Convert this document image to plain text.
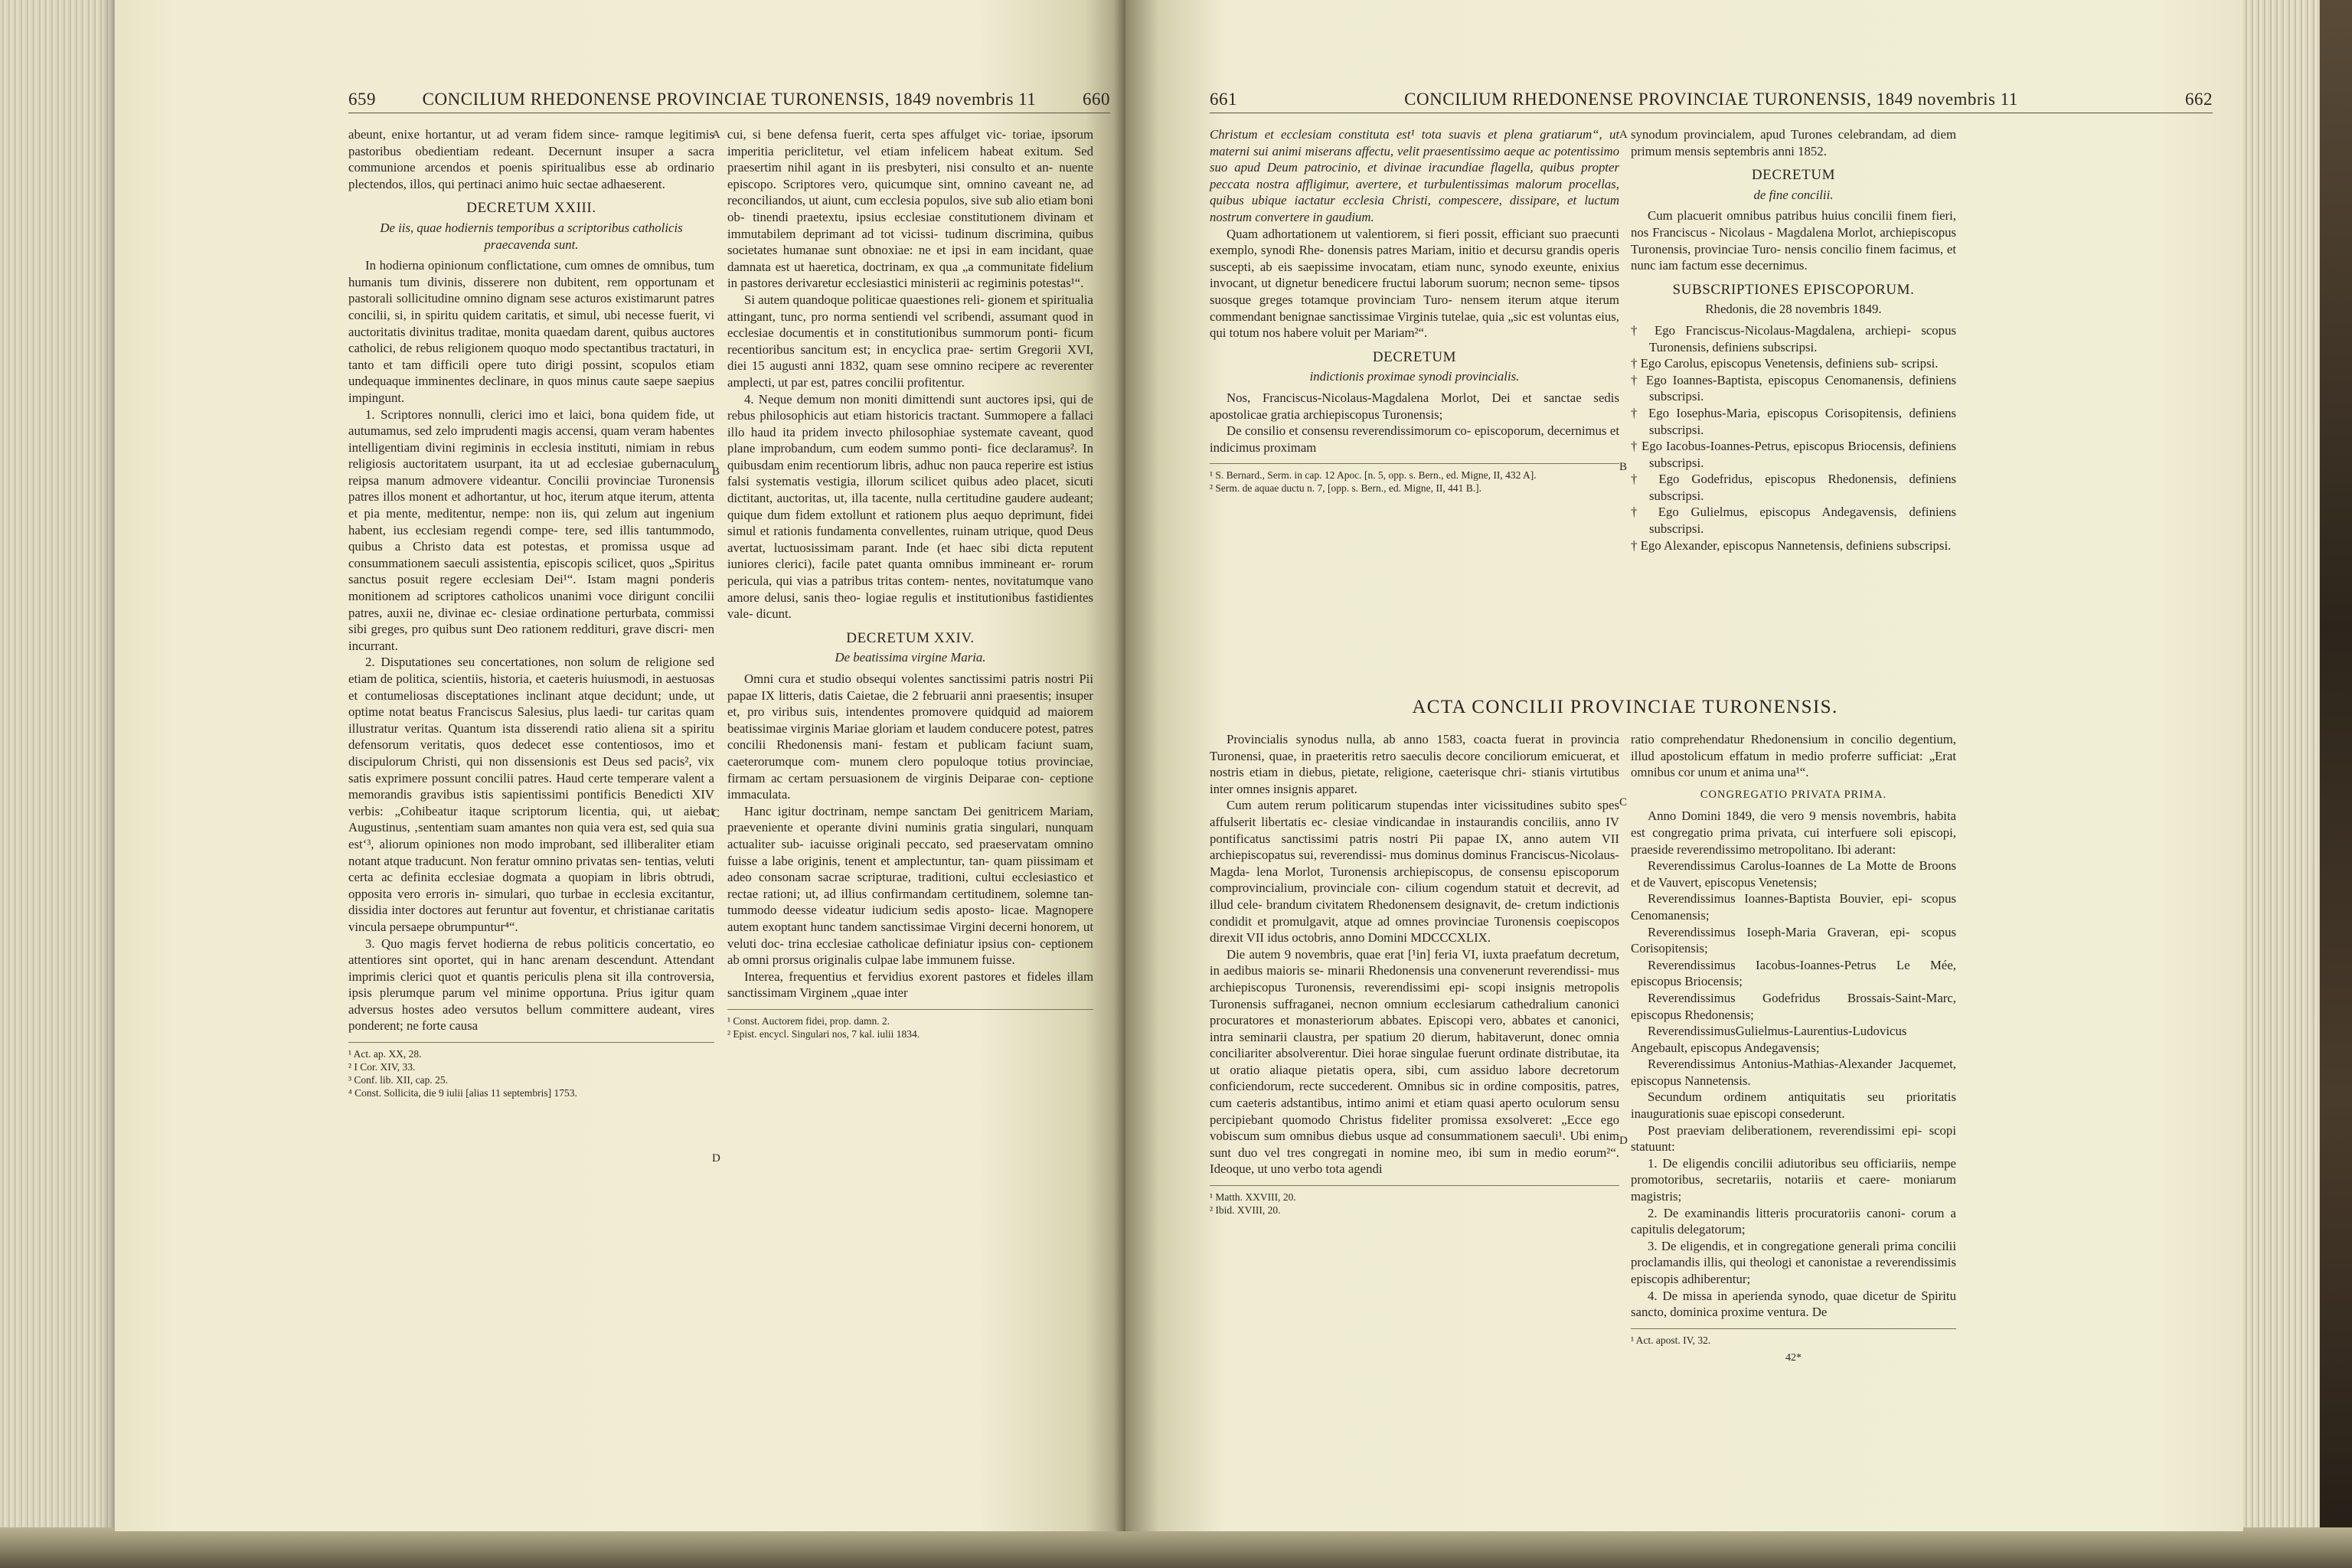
659	CONCILIUM RHEDONENSE PROVINCIAE TURONENSIS, 1849 novembris 11	660

abeunt, enixe hortantur, ut ad veram fidem since- ramque legitimis pastoribus obedientiam redeant. Decernunt insuper a sacra communione arcendos et poenis spiritualibus esse ab ordinario plectendos, illos, qui pertinaci animo huic sectae adhaeserent.

DECRETUM XXIII.
De iis, quae hodiernis temporibus a scriptoribus catholicis praecavenda sunt.

In hodierna opinionum conflictatione, cum omnes de omnibus, tum humanis tum divinis, disserere non dubitent, rem opportunam et pastorali sollicitudine omnino dignam sese acturos existimarunt patres concilii, si, in spiritu quidem caritatis, et simul, ubi necesse fuerit, vi auctoritatis divinitus traditae, monita quaedam darent, quibus auctores catholici, de rebus religionem quoquo modo spectantibus tractaturi, in tanto et tam difficili opere tuto dirigi possint, scopulos etiam undequaque imminentes declinare, in quos minus caute saepe saepius impingunt.

1. Scriptores nonnulli, clerici imo et laici, bona quidem fide, ut autumamus, sed zelo imprudenti magis accensi, quam veram habentes intelligentiam divini regiminis in ecclesia instituti, nimiam in rebus religiosis auctoritatem usurpant, ita ut ad ecclesiae gubernaculum reipsa manum admovere videantur. Concilii provinciae Turonensis patres illos monent et adhortantur, ut hoc, iterum atque iterum, attenta et pia mente, meditentur, nempe: non iis, qui zelum aut ingenium habent, ius ecclesiam regendi compe- tere, sed illis tantummodo, quibus a Christo data est potestas, et promissa usque ad consummationem saeculi assistentia, episcopis scilicet, quos „Spiritus sanctus posuit regere ecclesiam Dei¹“. Istam magni ponderis monitionem ad scriptores catholicos unanimi voce dirigunt concilii patres, auxii ne, divinae ec- clesiae ordinatione perturbata, commissi sibi greges, pro quibus sunt Deo rationem reddituri, grave discri- men incurrant.

2. Disputationes seu concertationes, non solum de religione sed etiam de politica, scientiis, historia, et caeteris huiusmodi, in aestuosas et contumeliosas disceptationes inclinant atque decidunt; unde, ut optime notat beatus Franciscus Salesius, plus laedi- tur caritas quam illustratur veritas. Quantum ista disserendi ratio aliena sit a spiritu defensorum veritatis, quos dedecet esse contentiosos, imo et discipulorum Christi, qui non dissensionis est Deus sed pacis², vix satis exprimere possunt concilii patres. Haud certe temperare valent a memorandis gravibus istis sapientissimi pontificis Benedicti XIV verbis: „Cohibeatur itaque scriptorum licentia, qui, ut aiebat Augustinus, ‚sententiam suam amantes non quia vera est, sed quia sua est‘³, aliorum opiniones non modo improbant, sed illiberaliter etiam notant atque traducunt. Non feratur omnino privatas sen- tentias, veluti certa ac definita ecclesiae dogmata a quopiam in libris obtrudi, opposita vero erroris in- simulari, quo turbae in ecclesia excitantur, dissidia inter doctores aut feruntur aut foventur, et christianae caritatis vincula persaepe obrumpuntur⁴“.

3. Quo magis fervet hodierna de rebus politicis concertatio, eo attentiores sint oportet, qui in hanc arenam descendunt. Attendant imprimis clerici quot et quantis periculis plena sit illa controversia, ipsis plerumque parum vel minime opportuna. Prius igitur quam adversus hostes adeo versutos bellum committere audeant, vires ponderent; ne forte causa

¹ Act. ap. XX, 28.
² I Cor. XIV, 33.
³ Conf. lib. XII, cap. 25.
⁴ Const. Sollicita, die 9 iulii [alias 11 septembris] 1753.
A
B
C
D

cui, si bene defensa fuerit, certa spes affulget vic- toriae, ipsorum imperitia periclitetur, vel etiam infelicem habeat exitum. Sed praesertim nihil agant in iis presbyteri, nisi consulto et an- nuente episcopo. Scriptores vero, quicumque sint, omnino caveant ne, ad reconciliandos, ut aiunt, cum ecclesia populos, sive sub alio etiam boni ob- tinendi praetextu, ipsius ecclesiae constitutionem divinam et immutabilem deprimant ad tot vicissi- tudinum discrimina, quibus societates humanae sunt obnoxiae: ne et ipsi in eam incidant, quae damnata est ut haeretica, doctrinam, ex qua „a communitate fidelium in pastores derivaretur ecclesiastici ministerii ac regiminis potestas¹“.

Si autem quandoque politicae quaestiones reli- gionem et spiritualia attingant, tunc, pro norma sentiendi vel scribendi, assumant quod in ecclesiae documentis et in constitutionibus summorum ponti- ficum recentioribus sancitum est; in encyclica prae- sertim Gregorii XVI, diei 15 augusti anni 1832, quam sese omnino recipere ac reverenter amplecti, ut par est, patres concilii profitentur.

4. Neque demum non moniti dimittendi sunt auctores ipsi, qui de rebus philosophicis aut etiam historicis tractant. Summopere a fallaci illo haud ita pridem invecto philosophiae systemate caveant, quod plane improbandum, cum eodem summo ponti- fice declaramus². In quibusdam enim recentiorum libris, adhuc non pauca reperire est istius falsi systematis vestigia, illorum scilicet quibus adeo placet, sicuti dictitant, auctoritas, ut, illa tacente, nulla certitudine gaudere audeant; quique dum fidem extollunt et rationem plus aequo deprimunt, fidei simul et rationis fundamenta convellentes, ruinam utrique, quod Deus avertat, luctuosissimam parant. Inde (et haec sibi dicta reputent iuniores clerici), facile patet quanta omnibus immineant er- rorum pericula, qui vias a patribus tritas contem- nentes, novitatumque vano amore delusi, sanis theo- logiae regulis et institutionibus fastidientes vale- dicunt.

DECRETUM XXIV.
De beatissima virgine Maria.

Omni cura et studio obsequi volentes sanctissimi patris nostri Pii papae IX litteris, datis Caietae, die 2 februarii anni praesentis; insuper et, pro viribus suis, intendentes promovere quidquid ad maiorem beatissimae virginis Mariae gloriam et laudem conducere potest, patres concilii Rhedonensis mani- festam et publicam faciunt suam, caeterorumque com- munem clero populoque totius provinciae, firmam ac certam persuasionem de virginis Deiparae con- ceptione immaculata.

Hanc igitur doctrinam, nempe sanctam Dei genitricem Mariam, praeveniente et operante divini numinis gratia singulari, nunquam actualiter sub- iacuisse originali peccato, sed praeservatam omnino fuisse a labe originis, tenent et amplectuntur, tan- quam piissimam et adeo consonam sacrae scripturae, traditioni, cultui ecclesiastico et rectae rationi; ut, ad illius confirmandam certitudinem, solemne tan- tummodo deesse videatur iudicium sedis aposto- licae. Magnopere autem exoptant hunc tandem sanctissimae Virgini decerni honorem, ut veluti doc- trina ecclesiae catholicae definiatur ipsius con- ceptionem ab omni prorsus originalis culpae labe immunem fuisse.

Interea, frequentius et fervidius exorent pastores et fideles illam sanctissimam Virginem „quae inter

¹ Const. Auctorem fidei, prop. damn. 2.
² Epist. encycl. Singulari nos, 7 kal. iulii 1834.
661	CONCILIUM RHEDONENSE PROVINCIAE TURONENSIS, 1849 novembris 11	662

Christum et ecclesiam constituta est¹ tota suavis et plena gratiarum“, ut materni sui animi miserans affectu, velit praesentissimo aeque ac potentissimo suo apud Deum patrocinio, et divinae iracundiae flagella, quibus propter peccata nostra affligimur, avertere, et turbulentissimas malorum procellas, quibus ubique iactatur ecclesia Christi, compescere, dissipare, et luctum nostrum convertere in gaudium.

Quam adhortationem ut valentiorem, si fieri possit, efficiant suo praecunti exemplo, synodi Rhe- donensis patres Mariam, initio et decursu grandis operis suscepti, ab eis saepissime invocatam, etiam nunc, synodo exeunte, enixius invocant, ut dignetur benedicere fructui laborum suorum; necnon seme- tipsos suosque greges totamque provinciam Turo- nensem iterum atque iterum commendant benignae sanctissimae Virginis tutelae, quia „sic est voluntas eius, qui totum nos habere voluit per Mariam²“.

DECRETUM
indictionis proximae synodi provincialis.

Nos, Franciscus-Nicolaus-Magdalena Morlot, Dei et sanctae sedis apostolicae gratia archiepiscopus Turonensis;

De consilio et consensu reverendissimorum co- episcoporum, decernimus et indicimus proximam

¹ S. Bernard., Serm. in cap. 12 Apoc. [n. 5, opp. s. Bern., ed. Migne, II, 432 A].
² Serm. de aquae ductu n. 7, [opp. s. Bern., ed. Migne, II, 441 B.].
A
B
C
D

synodum provincialem, apud Turones celebrandam, ad diem primum mensis septembris anni 1852.

DECRETUM
de fine concilii.

Cum placuerit omnibus patribus huius concilii finem fieri, nos Franciscus - Nicolaus - Magdalena Morlot, archiepiscopus Turonensis, provinciae Turo- nensis concilio finem facimus, et nunc iam factum esse decernimus.

SUBSCRIPTIONES EPISCOPORUM.
Rhedonis, die 28 novembris 1849.

† Ego Franciscus-Nicolaus-Magdalena, archiepi- scopus Turonensis, definiens subscripsi.

† Ego Carolus, episcopus Venetensis, definiens sub- scripsi.

† Ego Ioannes-Baptista, episcopus Cenomanensis, definiens subscripsi.

† Ego Iosephus-Maria, episcopus Corisopitensis, definiens subscripsi.

† Ego Iacobus-Ioannes-Petrus, episcopus Briocensis, definiens subscripsi.

† Ego Godefridus, episcopus Rhedonensis, definiens subscripsi.

† Ego Gulielmus, episcopus Andegavensis, definiens subscripsi.

† Ego Alexander, episcopus Nannetensis, definiens subscripsi.

ACTA CONCILII PROVINCIAE TURONENSIS.

Provincialis synodus nulla, ab anno 1583, coacta fuerat in provincia Turonensi, quae, in praeteritis retro saeculis decore conciliorum emicuerat, et nostris etiam in diebus, pietate, religione, caeterisque chri- stianis virtutibus inter omnes insignis apparet.

Cum autem rerum politicarum stupendas inter vicissitudines subito spes affulserit libertatis ec- clesiae vindicandae in instaurandis conciliis, anno IV pontificatus sanctissimi patris nostri Pii papae IX, anno autem VII archiepiscopatus sui, reverendissi- mus dominus dominus Franciscus-Nicolaus-Magda- lena Morlot, Turonensis archiepiscopus, de consensu episcoporum comprovincialium, provinciale con- cilium cogendum statuit et decrevit, ad illud cele- brandum civitatem Rhedonensem designavit, de- cretum indictionis condidit et promulgavit, atque ad omnes provinciae Turonensis coepiscopos direxit VII idus octobris, anno Domini MDCCCXLIX.

Die autem 9 novembris, quae erat [¹in] feria VI, iuxta praefatum decretum, in aedibus maioris se- minarii Rhedonensis una convenerunt reverendissi- mus archiepiscopus Turonensis, reverendissimi epi- scopi insignis metropolis Turonensis suffraganei, necnon omnium ecclesiarum cathedralium canonici procuratores et monasteriorum abbates. Episcopi vero, abbates et canonici, intra seminarii claustra, per spatium 20 dierum, habitaverunt, donec omnia conciliariter absolverentur. Diei horae singulae fuerunt ordinate distributae, ita ut oratio aliaque pietatis opera, sibi, cum assiduo labore decretorum conficiendorum, recte succederent. Omnibus sic in ordine compositis, patres, cum caeteris adstantibus, intimo animi et etiam quasi aperto oculorum sensu percipiebant quomodo Christus fideliter promissa exsolveret: „Ecce ego vobiscum sum omnibus diebus usque ad consummationem saeculi¹. Ubi enim sunt duo vel tres congregati in nomine meo, ibi sum in medio eorum²“. Ideoque, ut uno verbo tota agendi

¹ Matth. XXVIII, 20.
² Ibid. XVIII, 20.

ratio comprehendatur Rhedonensium in concilio degentium, illud apostolicum effatum in medio proferre sufficiat: „Erat omnibus cor unum et anima una¹“.

CONGREGATIO PRIVATA PRIMA.

Anno Domini 1849, die vero 9 mensis novembris, habita est congregatio prima privata, cui interfuere soli episcopi, praeside reverendissimo metropolitano. Ibi aderant:

Reverendissimus Carolus-Ioannes de La Motte de Broons et de Vauvert, episcopus Venetensis;

Reverendissimus Ioannes-Baptista Bouvier, epi- scopus Cenomanensis;

Reverendissimus Ioseph-Maria Graveran, epi- scopus Corisopitensis;

Reverendissimus Iacobus-Ioannes-Petrus Le Mée, episcopus Briocensis;

Reverendissimus Godefridus Brossais-Saint-Marc, episcopus Rhedonensis;

ReverendissimusGulielmus-Laurentius-Ludovicus Angebault, episcopus Andegavensis;

Reverendissimus Antonius-Mathias-Alexander Jacquemet, episcopus Nannetensis.

Secundum ordinem antiquitatis seu prioritatis inaugurationis suae episcopi consederunt.

Post praeviam deliberationem, reverendissimi epi- scopi statuunt:

1. De eligendis concilii adiutoribus seu officiariis, nempe promotoribus, secretariis, notariis et caere- moniarum magistris;

2. De examinandis litteris procuratoriis canoni- corum a capitulis delegatorum;

3. De eligendis, et in congregatione generali prima concilii proclamandis illis, qui theologi et canonistae a reverendissimis episcopis adhiberentur;

4. De missa in aperienda synodo, quae dicetur de Spiritu sancto, dominica proxime ventura. De

¹ Act. apost. IV, 32.
42*
